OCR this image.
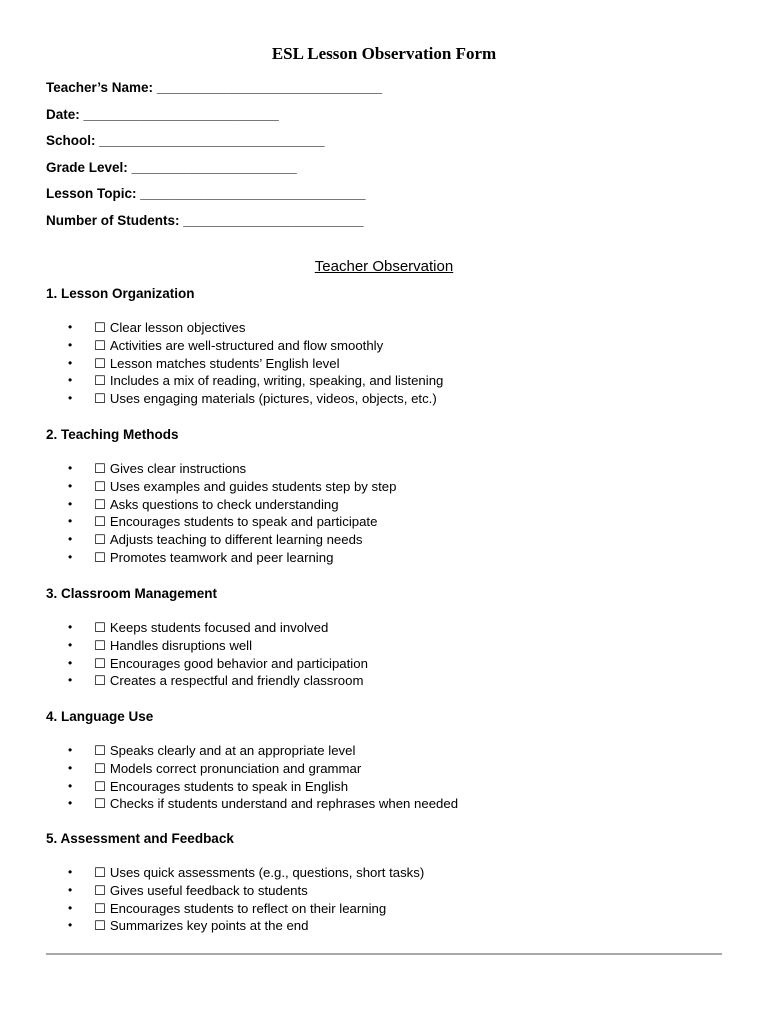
ESL Lesson Observation Form
Teacher’s Name: ______________________________
Date: __________________________
School: ______________________________
Grade Level: ______________________
Lesson Topic: ______________________________
Number of Students: ________________________
Teacher Observation
1. Lesson Organization
• ☐ Clear lesson objectives
• ☐ Activities are well-structured and flow smoothly
• ☐ Lesson matches students’ English level
• ☐ Includes a mix of reading, writing, speaking, and listening
• ☐ Uses engaging materials (pictures, videos, objects, etc.)
2. Teaching Methods
• ☐ Gives clear instructions
• ☐ Uses examples and guides students step by step
• ☐ Asks questions to check understanding
• ☐ Encourages students to speak and participate
• ☐ Adjusts teaching to different learning needs
• ☐ Promotes teamwork and peer learning
3. Classroom Management
• ☐ Keeps students focused and involved
• ☐ Handles disruptions well
• ☐ Encourages good behavior and participation
• ☐ Creates a respectful and friendly classroom
4. Language Use
• ☐ Speaks clearly and at an appropriate level
• ☐ Models correct pronunciation and grammar
• ☐ Encourages students to speak in English
• ☐ Checks if students understand and rephrases when needed
5. Assessment and Feedback
• ☐ Uses quick assessments (e.g., questions, short tasks)
• ☐ Gives useful feedback to students
• ☐ Encourages students to reflect on their learning
• ☐ Summarizes key points at the end
